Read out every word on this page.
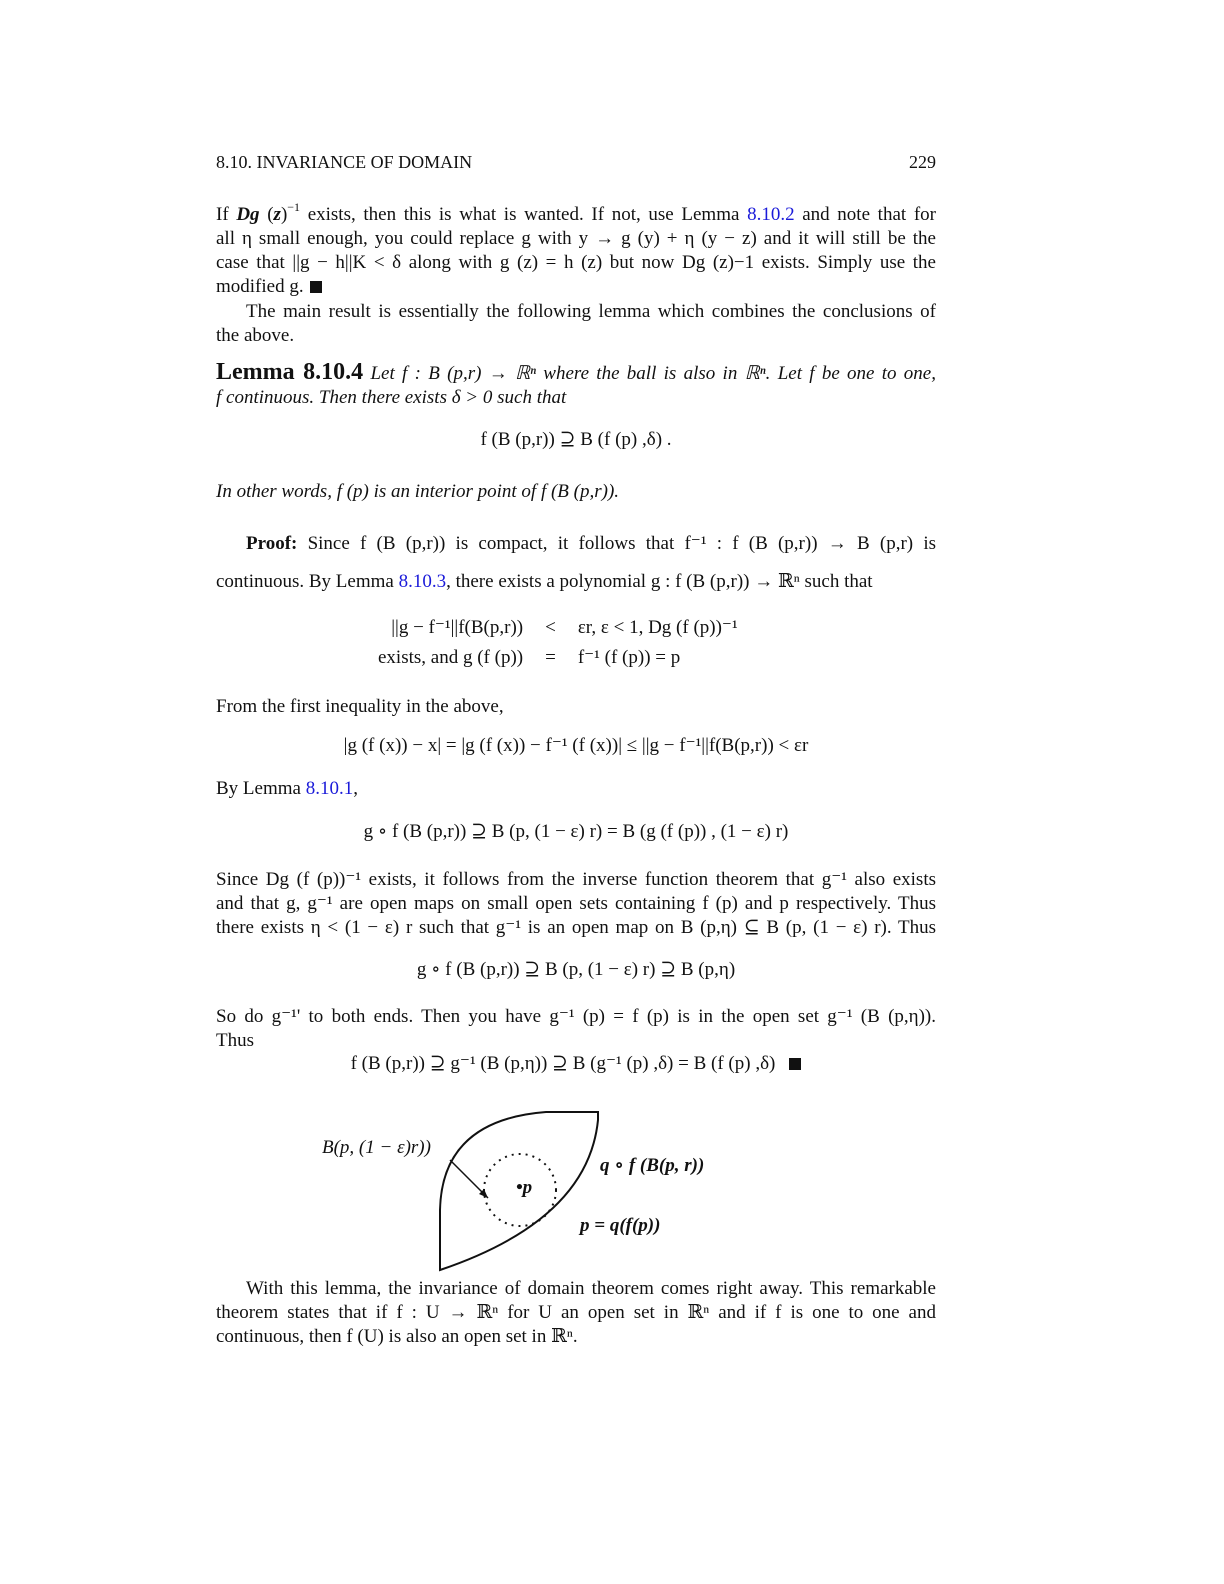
8.10. INVARIANCE OF DOMAIN	229
If Dg $(z)^{-1}$ exists, then this is what is wanted. If not, use Lemma 8.10.2 and note that for
all η small enough, you could replace g with y → g (y) + η (y − z) and it will still be the
case that ||g − h||K < δ along with g (z) = h (z) but now Dg (z)−1 exists. Simply use the
modified g.
The main result is essentially the following lemma which combines the conclusions of
the above.
Lemma 8.10.4 Let f : B (p,r) → ℝⁿ where the ball is also in ℝⁿ. Let f be one to one,
f continuous. Then there exists δ > 0 such that
f (B (p,r)) ⊇ B (f (p) ,δ) .
In other words, f (p) is an interior point of f (B (p,r)).
Proof: Since f (B (p,r)) is compact, it follows that f⁻¹ : f (B (p,r)) → B (p,r) is
continuous. By Lemma 8.10.3, there exists a polynomial g : f (B (p,r)) → ℝⁿ such that
||g − f⁻¹||f(B(p,r))	<	εr, ε < 1, Dg (f (p))⁻¹
exists, and g (f (p))	=	f⁻¹ (f (p)) = p
From the first inequality in the above,
|g (f (x)) − x| = |g (f (x)) − f⁻¹ (f (x))| ≤ ||g − f⁻¹||f(B(p,r)) < εr
By Lemma 8.10.1,
g ∘ f (B (p,r)) ⊇ B (p, (1 − ε) r) = B (g (f (p)) , (1 − ε) r)
Since Dg (f (p))⁻¹ exists, it follows from the inverse function theorem that g⁻¹ also exists
and that g, g⁻¹ are open maps on small open sets containing f (p) and p respectively. Thus
there exists η < (1 − ε) r such that g⁻¹ is an open map on B (p,η) ⊆ B (p, (1 − ε) r). Thus
g ∘ f (B (p,r)) ⊇ B (p, (1 − ε) r) ⊇ B (p,η)
So do g⁻¹' to both ends. Then you have g⁻¹ (p) = f (p) is in the open set g⁻¹ (B (p,η)).
Thus
f (B (p,r)) ⊇ g⁻¹ (B (p,η)) ⊇ B (g⁻¹ (p) ,δ) = B (f (p) ,δ)
B(p, (1 − ε)r))
•p
q ∘ f (B(p, r))
p = q(f(p))
With this lemma, the invariance of domain theorem comes right away. This remarkable
theorem states that if f : U → ℝⁿ for U an open set in ℝⁿ and if f is one to one and
continuous, then f (U) is also an open set in ℝⁿ.
